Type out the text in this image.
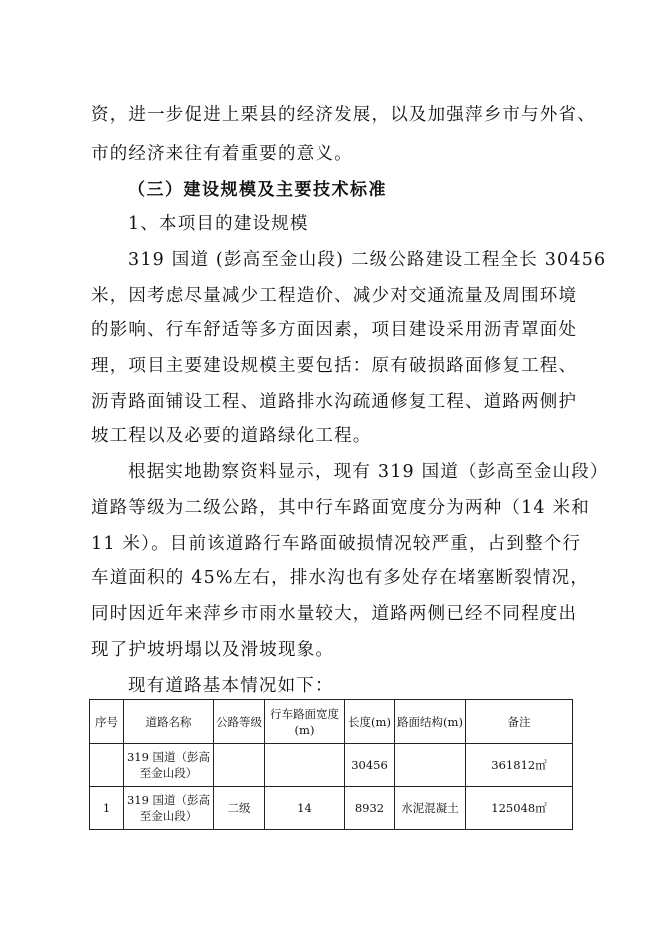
资，进一步促进上栗县的经济发展，以及加强萍乡市与外省、

市的经济来往有着重要的意义。

（三）建设规模及主要技术标准

1、本项目的建设规模

319 国道 (彭高至金山段) 二级公路建设工程全长 30456

米，因考虑尽量减少工程造价、减少对交通流量及周围环境

的影响、行车舒适等多方面因素，项目建设采用沥青罩面处

理，项目主要建设规模主要包括：原有破损路面修复工程、

沥青路面铺设工程、道路排水沟疏通修复工程、道路两侧护

坡工程以及必要的道路绿化工程。

根据实地勘察资料显示，现有 319 国道（彭高至金山段）

道路等级为二级公路，其中行车路面宽度分为两种（14 米和

11 米）。目前该道路行车路面破损情况较严重，占到整个行

车道面积的 45%左右，排水沟也有多处存在堵塞断裂情况，

同时因近年来萍乡市雨水量较大，道路两侧已经不同程度出

现了护坡坍塌以及滑坡现象。

现有道路基本情况如下：

序号	道路名称	公路等级	行车路面宽度(m)	长度(m)	路面结构(m)	备注
	319 国道（彭高至金山段）			30456		361812㎡
1	319 国道（彭高至金山段）	二级	14	8932	水泥混凝土	125048㎡
